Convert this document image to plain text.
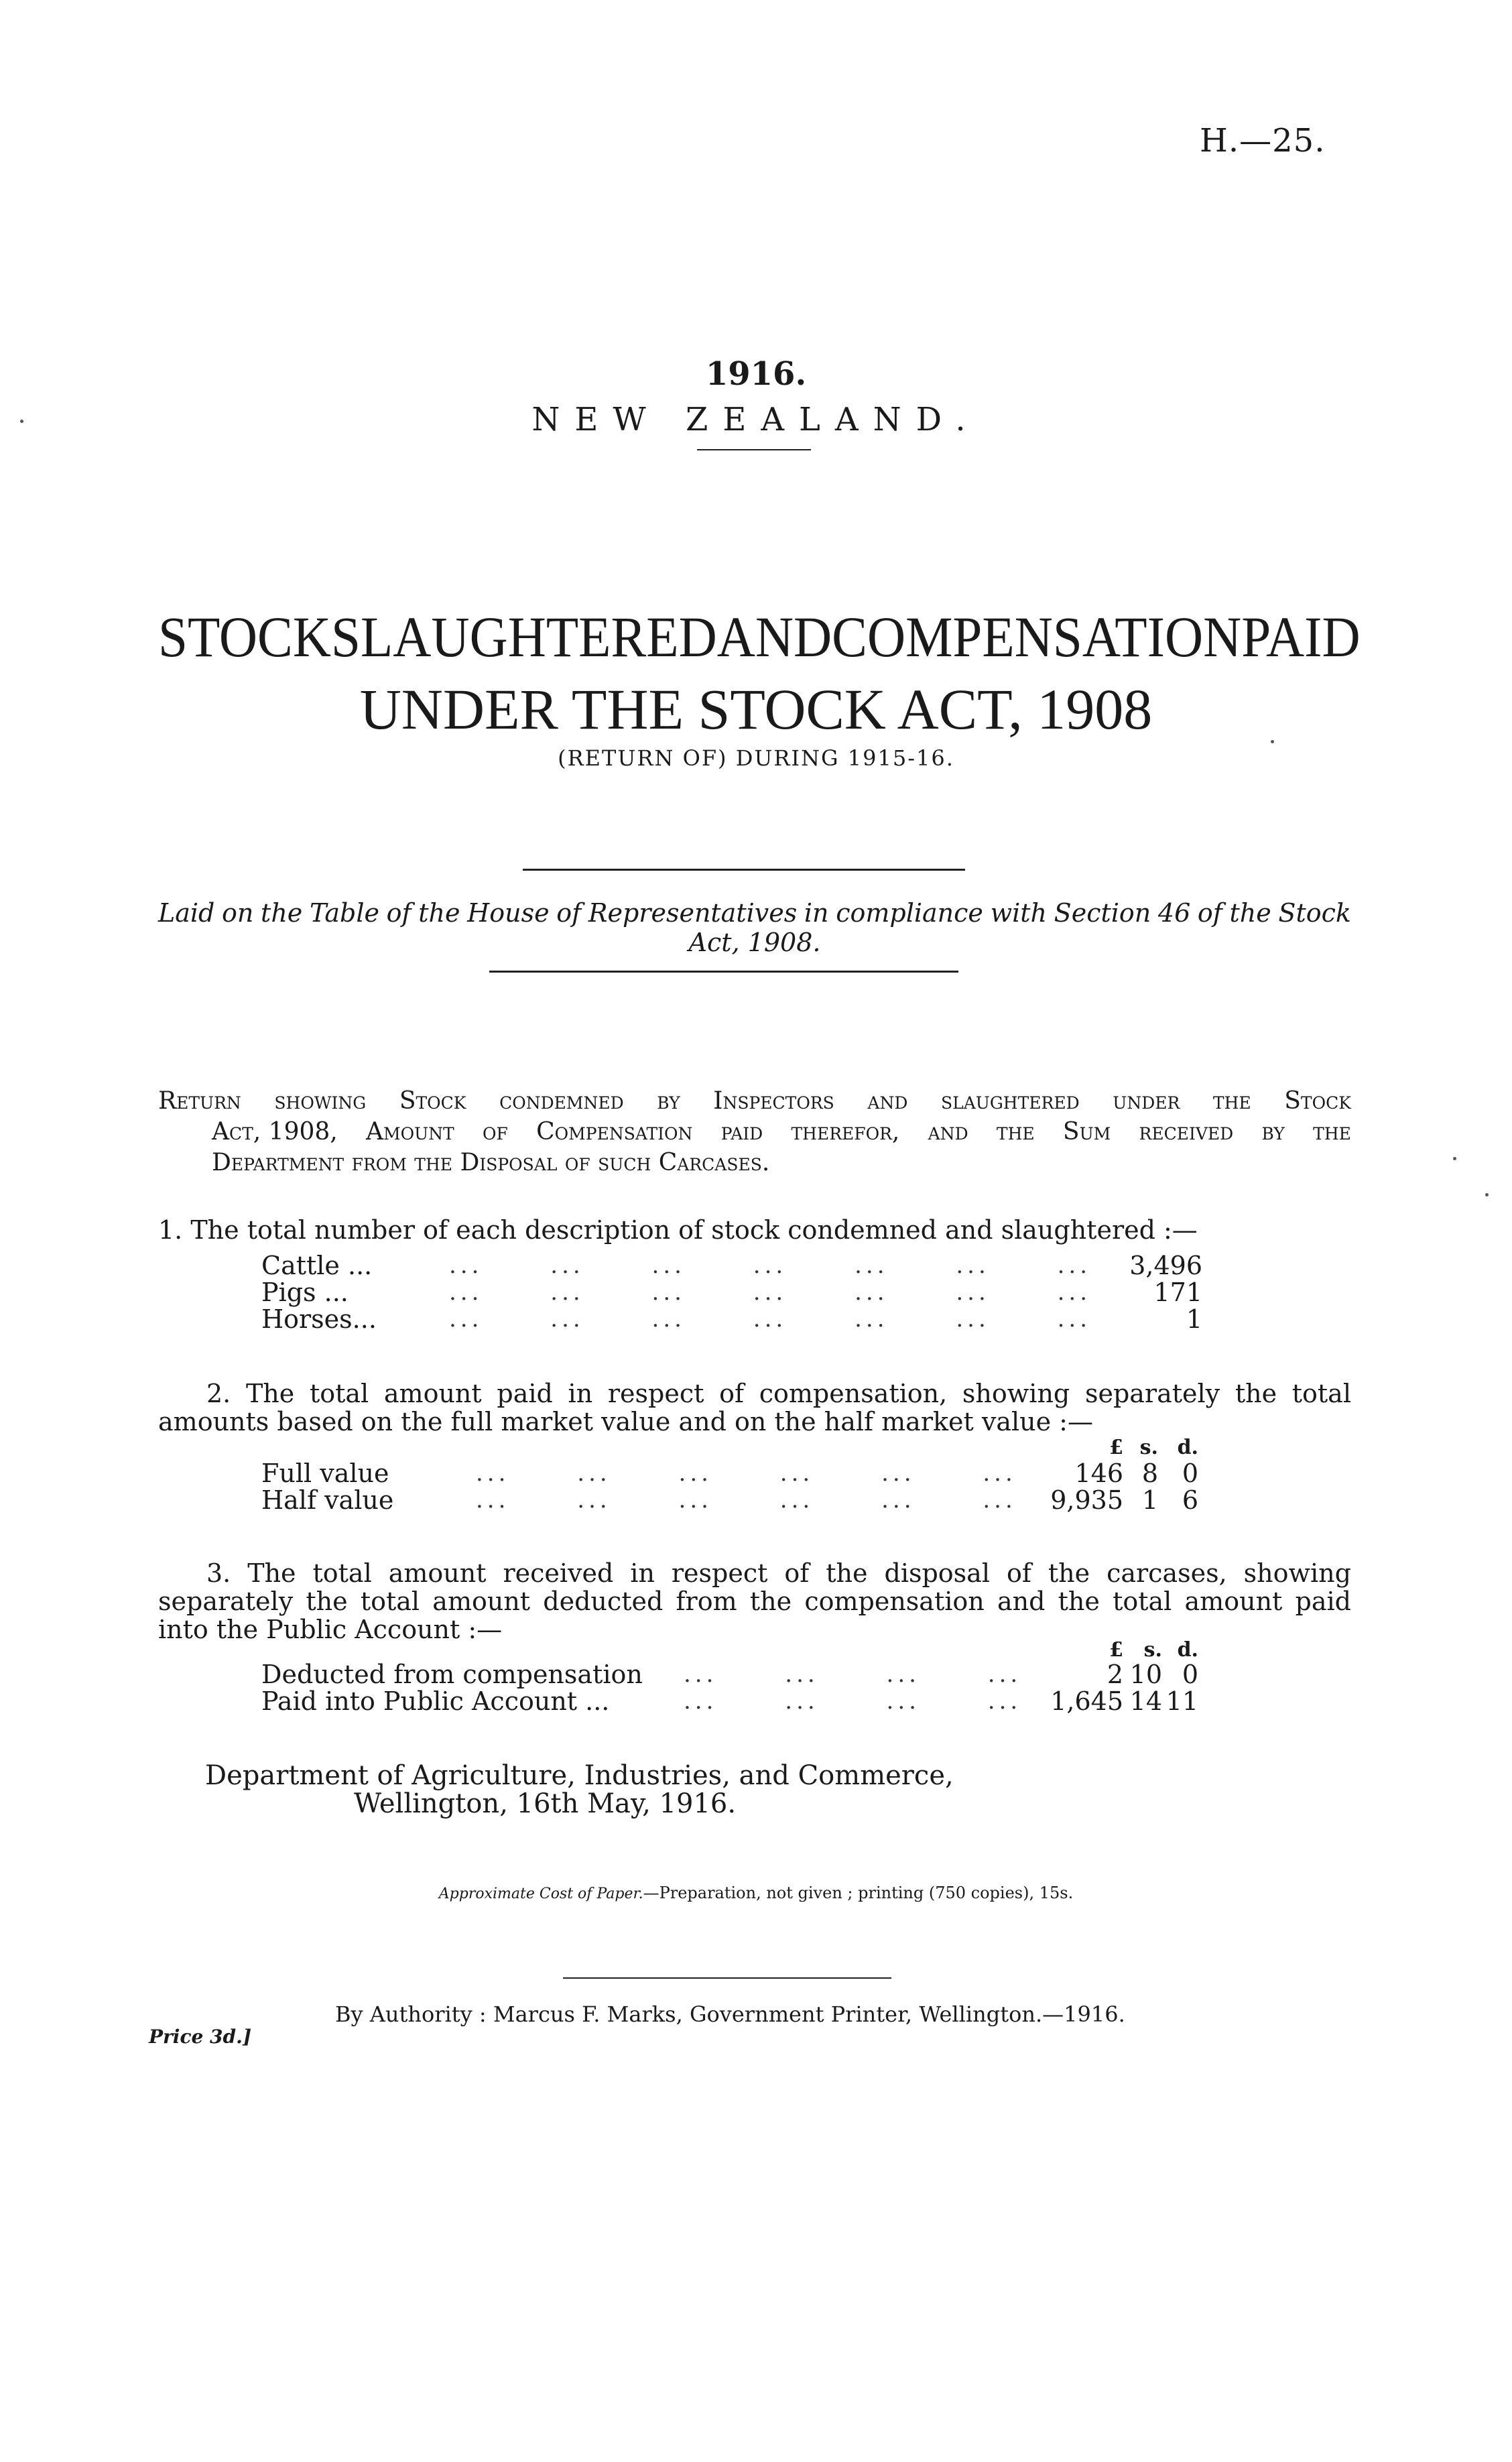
H.—25.
1916.
NEW ZEALAND.
STOCK SLAUGHTERED AND COMPENSATION PAID
UNDER THE STOCK ACT, 1908
(RETURN OF) DURING 1915-16.
Laid on the Table of the House of Representatives in compliance with Section 46 of the Stock
Act, 1908.
Return showing Stock condemned by Inspectors and slaughtered under the Stock
Act, 1908, Amount of Compensation paid therefor, and the Sum received by the
Department from the Disposal of such Carcases.
1. The total number of each description of stock condemned and slaughtered :—
Cattle ...	...      ...      ...      ...      ...      ...      ... 3,496
Pigs ...	...      ...      ...      ...      ...      ...      ... 171
Horses...	...      ...      ...      ...      ...      ...      ...	1
2. The total amount paid in respect of compensation, showing separately the total amounts based on the full market value and on the half market value :—
£ s. d.
Full value	...      ...      ...      ...      ...      ... 146 8 0
Half value	...      ...      ...      ...      ...      ... 9,935 1 6
3. The total amount received in respect of the disposal of the carcases, showing separately the total amount deducted from the compensation and the total amount paid into the Public Account :—
£ s. d.
Deducted from compensation ...      ...      ...      ...	2 10 0
Paid into Public Account ...	...      ...      ...      ... 1,645 14 11
Department of Agriculture, Industries, and Commerce,
Wellington, 16th May, 1916.
Approximate Cost of Paper.—Preparation, not given ; printing (750 copies), 15s.
By Authority : Marcus F. Marks, Government Printer, Wellington.—1916.
Price 3d.]
